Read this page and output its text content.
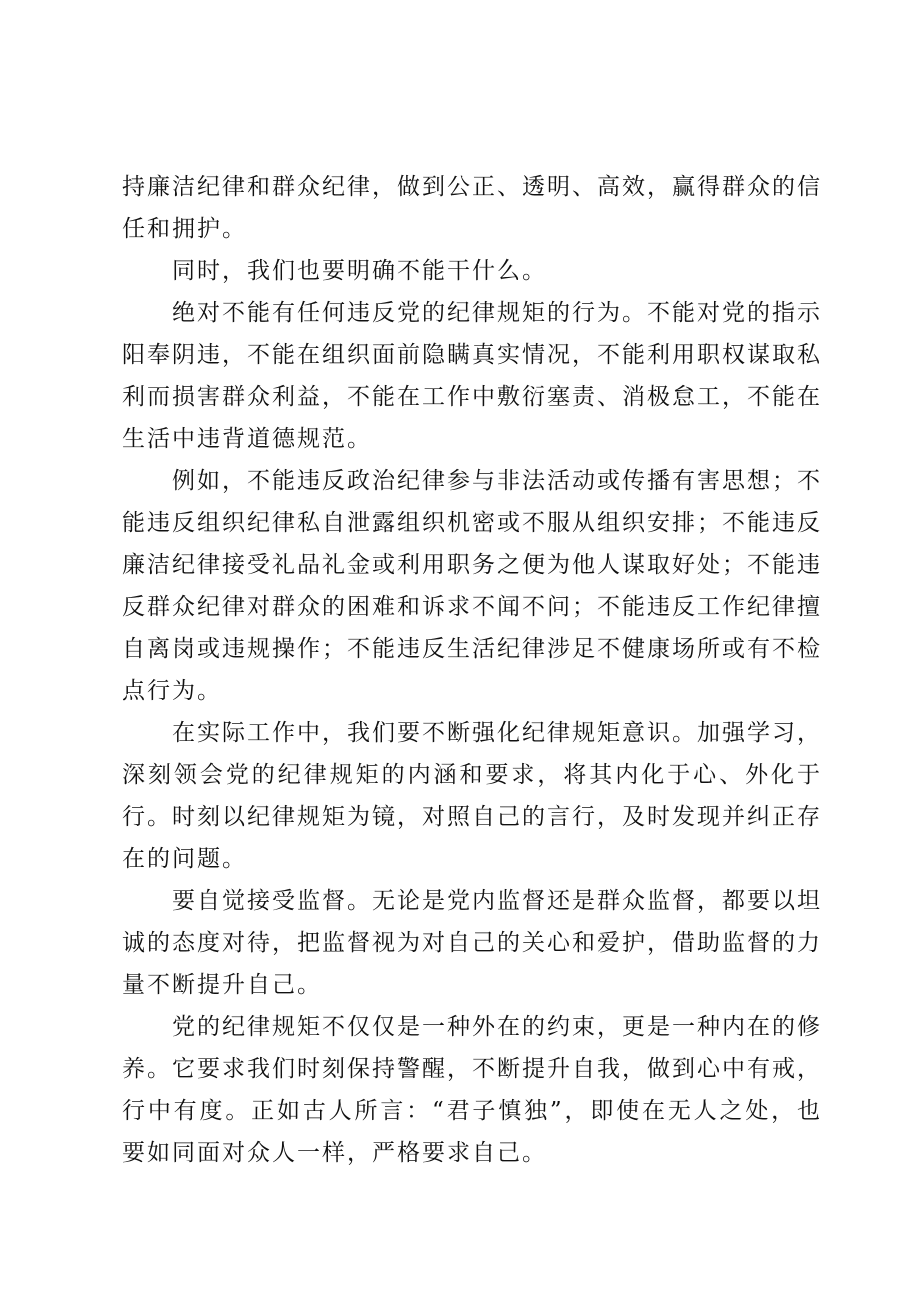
持廉洁纪律和群众纪律，做到公正、透明、高效，赢得群众的信任和拥护。

同时，我们也要明确不能干什么。

绝对不能有任何违反党的纪律规矩的行为。不能对党的指示阳奉阴违，不能在组织面前隐瞒真实情况，不能利用职权谋取私利而损害群众利益，不能在工作中敷衍塞责、消极怠工，不能在生活中违背道德规范。

例如，不能违反政治纪律参与非法活动或传播有害思想；不能违反组织纪律私自泄露组织机密或不服从组织安排；不能违反廉洁纪律接受礼品礼金或利用职务之便为他人谋取好处；不能违反群众纪律对群众的困难和诉求不闻不问；不能违反工作纪律擅自离岗或违规操作；不能违反生活纪律涉足不健康场所或有不检点行为。

在实际工作中，我们要不断强化纪律规矩意识。加强学习，深刻领会党的纪律规矩的内涵和要求，将其内化于心、外化于行。时刻以纪律规矩为镜，对照自己的言行，及时发现并纠正存在的问题。

要自觉接受监督。无论是党内监督还是群众监督，都要以坦诚的态度对待，把监督视为对自己的关心和爱护，借助监督的力量不断提升自己。

党的纪律规矩不仅仅是一种外在的约束，更是一种内在的修养。它要求我们时刻保持警醒，不断提升自我，做到心中有戒，行中有度。正如古人所言：“君子慎独”，即使在无人之处，也要如同面对众人一样，严格要求自己。
